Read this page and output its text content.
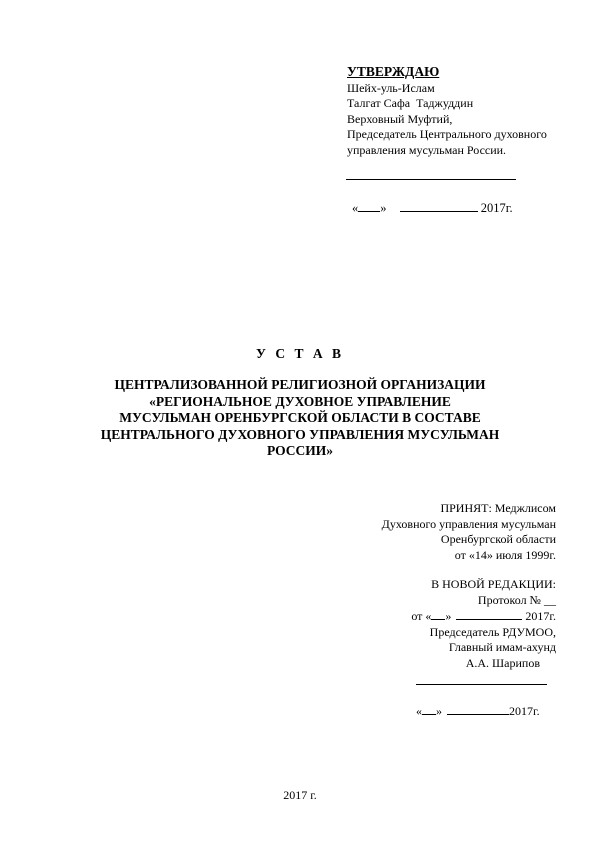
УТВЕРЖДАЮ
Шейх-уль-Ислам
Талгат Сафа  Таджуддин
Верховный Муфтий,
Председатель Центрального духовного
управления мусульман России.
« »	2017г.
У С Т А В
ЦЕНТРАЛИЗОВАННОЙ РЕЛИГИОЗНОЙ ОРГАНИЗАЦИИ
«РЕГИОНАЛЬНОЕ ДУХОВНОЕ УПРАВЛЕНИЕ
МУСУЛЬМАН ОРЕНБУРГСКОЙ ОБЛАСТИ В СОСТАВЕ
ЦЕНТРАЛЬНОГО ДУХОВНОГО УПРАВЛЕНИЯ МУСУЛЬМАН
РОССИИ»
ПРИНЯТ: Меджлисом
Духовного управления мусульман
Оренбургской области
от «14» июля 1999г.
В НОВОЙ РЕДАКЦИИ:
Протокол № __
от « »	2017г.
Председатель РДУМОО,
Главный имам-ахунд
А.А. Шарипов
« »	2017г.
2017 г.
